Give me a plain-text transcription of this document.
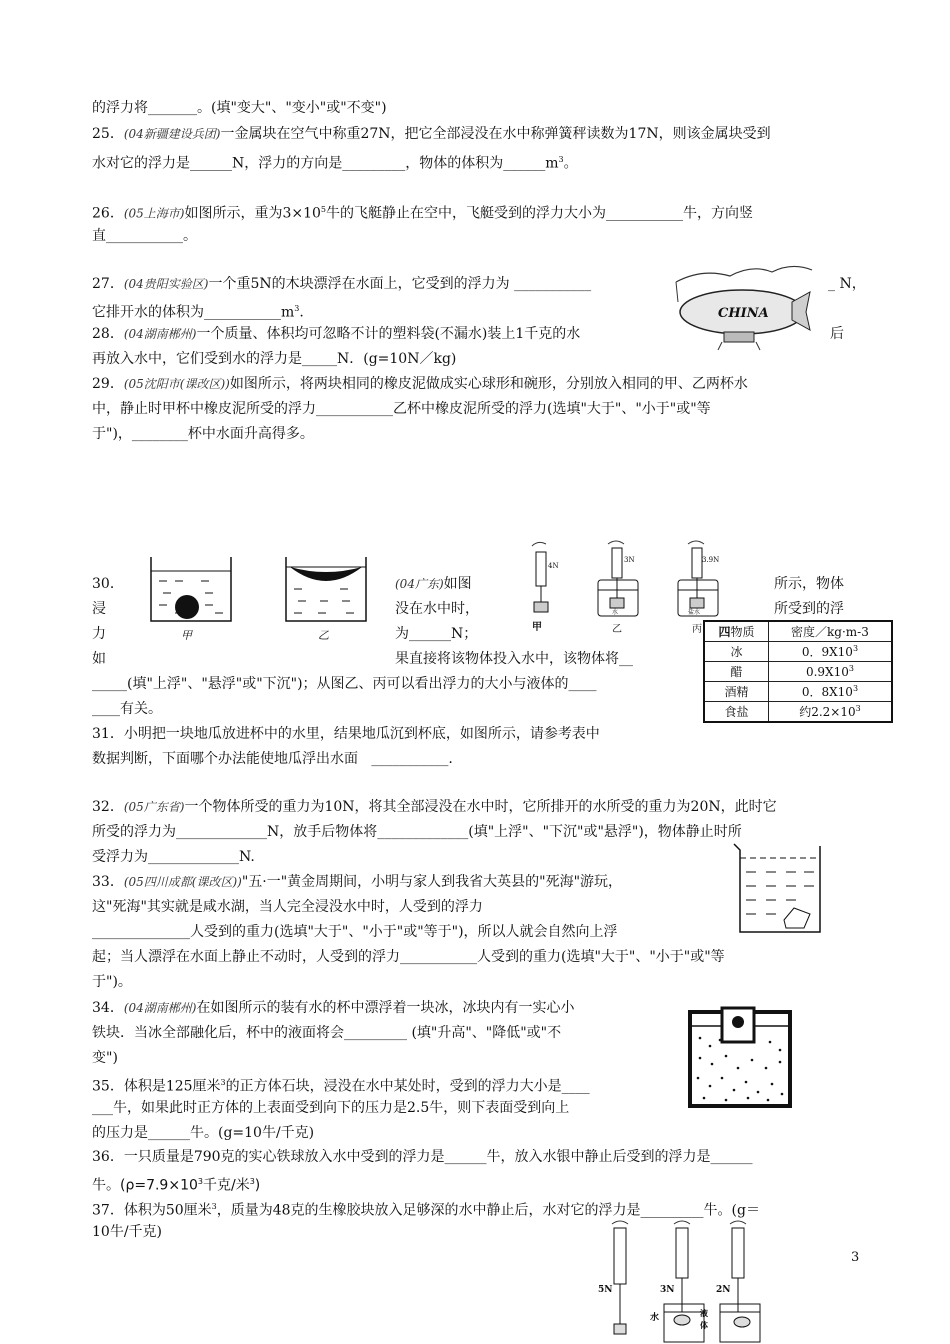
的浮力将_______。(填"变大"、"变小"或"不变")
25．(04新疆建设兵团)一金属块在空气中称重27N，把它全部浸没在水中称弹簧秤读数为17N，则该金属块受到
水对它的浮力是______N，浮力的方向是_________，物体的体积为$\_\_\_\_\_\_m^3$。
26．(05上海市)如图所示，重为$3\times 10^5$牛的飞艇静止在空中，飞艇受到的浮力大小为___________牛，方向竖
直___________。
27．(04贵阳实验区)一个重5N的木块漂浮在水面上，它受到的浮力为 ___________	_ N，
它排开水的体积为$\_\_\_\_\_\_\_\_\_\_\_m^3$.	CHINA
28．(04湖南郴州)一个质量、体积均可忽略不计的塑料袋(不漏水)装上1千克的水	后
再放入水中，它们受到水的浮力是_____N．(g=10N／kg)
29．(05沈阳市(课改区))如图所示，将两块相同的橡皮泥做成实心球形和碗形，分别放入相同的甲、乙两杯水
中，静止时甲杯中橡皮泥所受的浮力___________乙杯中橡皮泥所受的浮力(选填"大于"、"小于"或"等
于")，________杯中水面升高得多。
甲	乙
4N
甲
3N
水
乙
3.9N
盐水
丙
30．	(04广东)如图	所示，物体
浸	没在水中时，	所受到的浮
力	为______N；
如	果直接将该物体投入水中，该物体将__
_____(填"上浮"、"悬浮"或"下沉")；从图乙、丙可以看出浮力的大小与液体的____
____有关。
四物质	密度／kg·m-3
冰	0．$9X10^3$
醋	$0.9X10^3$
酒精	0．$8X10^3$
食盐	约$2.2\times 10^3$
31．小明把一块地瓜放进杯中的水里，结果地瓜沉到杯底，如图所示，请参考表中
数据判断，下面哪个办法能使地瓜浮出水面   ___________.
32．(05广东省)一个物体所受的重力为10N，将其全部浸没在水中时，它所排开的水所受的重力为20N，此时它
所受的浮力为_____________N，放手后物体将_____________(填"上浮"、"下沉"或"悬浮")，物体静止时所
受浮力为_____________N.
33．(05四川成都(课改区))"五·一"黄金周期间，小明与家人到我省大英县的"死海"游玩，
这"死海"其实就是咸水湖，当人完全浸没水中时，人受到的浮力
______________人受到的重力(选填"大于"、"小于"或"等于")，所以人就会自然向上浮
起；当人漂浮在水面上静止不动时，人受到的浮力___________人受到的重力(选填"大于"、"小于"或"等
于")。
34．(04湖南郴州)在如图所示的装有水的杯中漂浮着一块冰，冰块内有一实心小
铁块．当冰全部融化后，杯中的液面将会_________ (填"升高"、"降低"或"不
变")
35．体积是125厘米$^3$的正方体石块，浸没在水中某处时，受到的浮力大小是____
___牛，如果此时正方体的上表面受到向下的压力是2.5牛，则下表面受到向上
的压力是______牛。(g=10牛/千克)
36．一只质量是790克的实心铁球放入水中受到的浮力是______牛，放入水银中静止后受到的浮力是______
牛。($\rho=7.9\times 10^3$千克/米$^3$)
37．体积为50厘米$^3$，质量为48克的生橡胶块放入足够深的水中静止后，水对它的浮力是_________牛。(g＝
10牛/千克)
5N	3N
水
2N
液
体
3
